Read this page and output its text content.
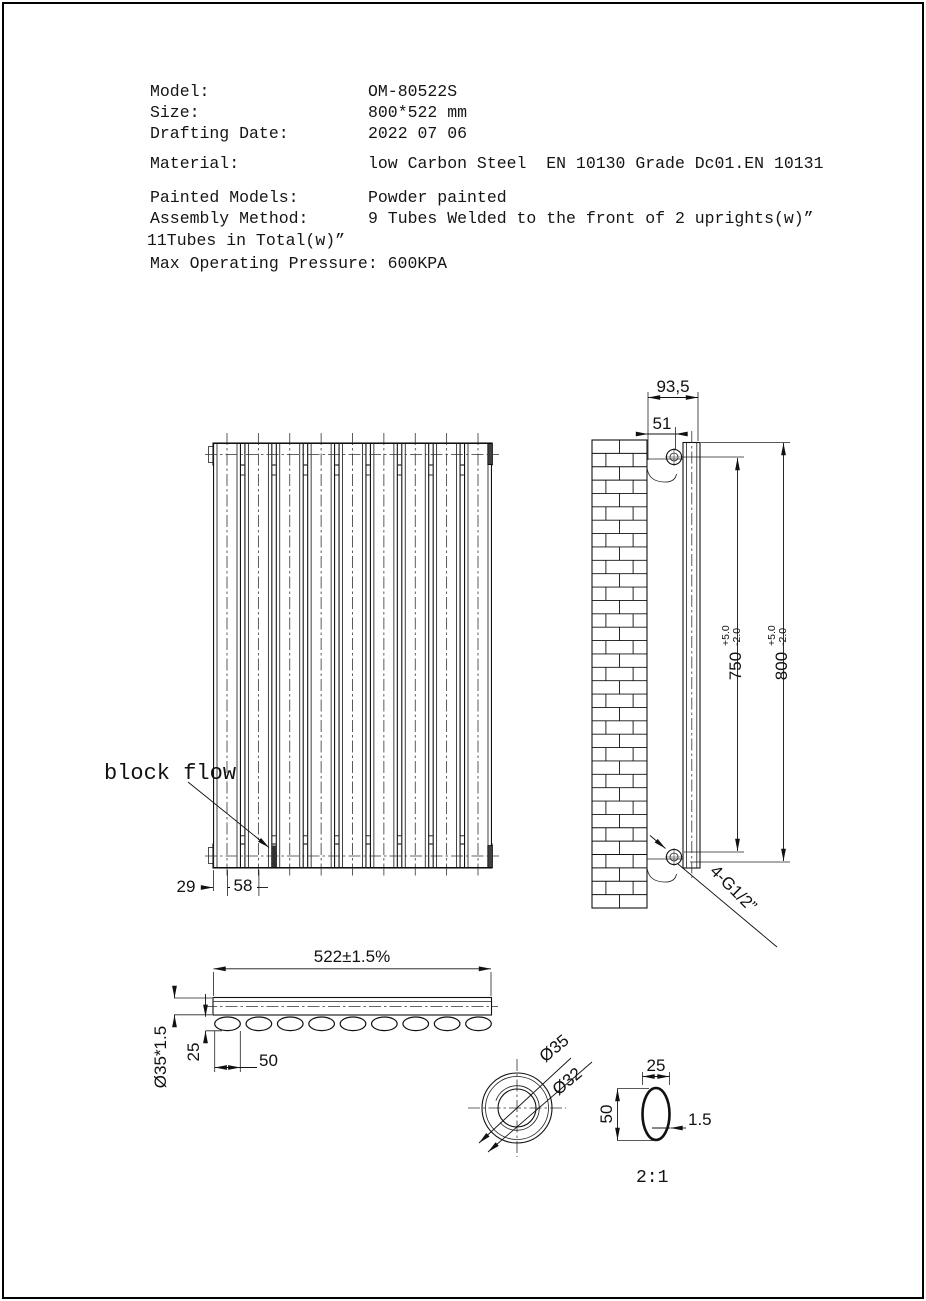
Model:	OM-80522S
Size:	800*522 mm
Drafting Date:	2022 07 06
Material:	low Carbon Steel  EN 10130 Grade Dc01.EN 10131
Painted Models:	Powder painted
Assembly Method:	9 Tubes Welded to the front of 2 uprights(w)”
11Tubes in Total(w)”
Max Operating Pressure: 600KPA
block flow
29 58
93,5
51
750
+5.0 -2.0
800
+5.0 -2.0
4-G1/2”
522±1.5%
Ø35*1.5 25	50	Ø35
Ø32	25
50	1.5
2:1
